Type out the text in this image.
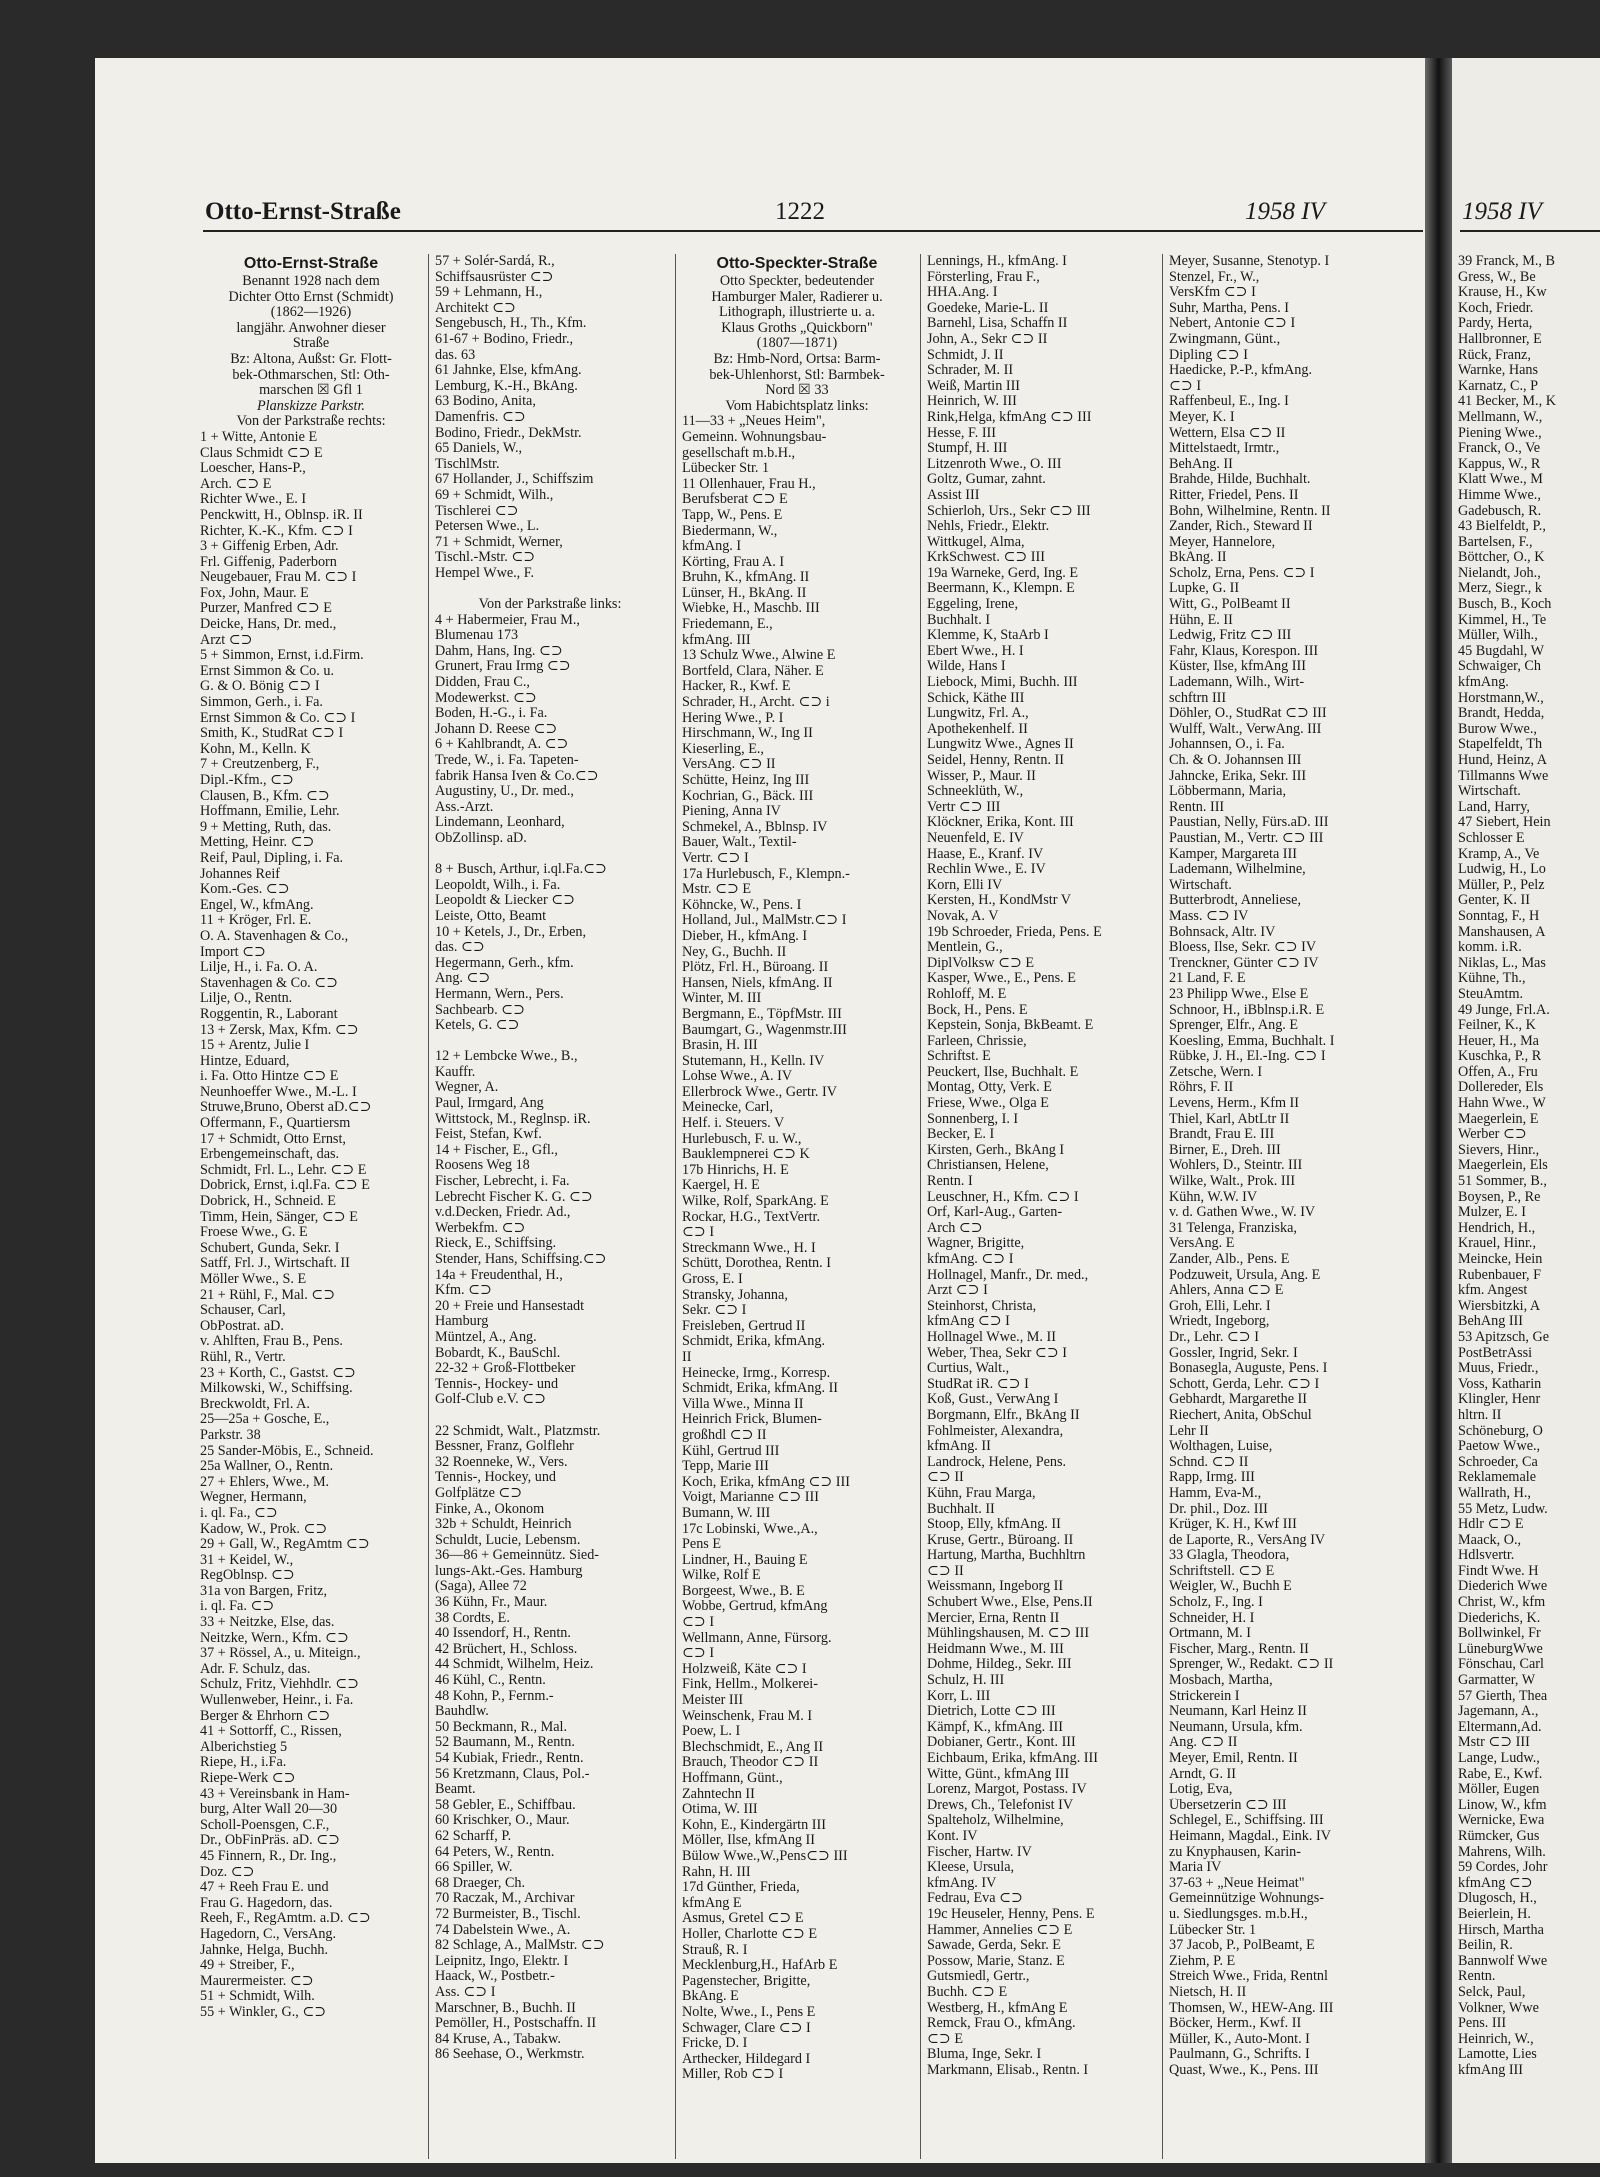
Otto-Ernst-Straße	1222	1958 IV
Otto-Ernst-Straße
Benannt 1928 nach dem
Dichter Otto Ernst (Schmidt)
(1862—1926)
langjähr. Anwohner dieser
Straße
Bz: Altona, Außst: Gr. Flott-
bek-Othmarschen, Stl: Oth-
marschen ☒ Gfl 1
Planskizze Parkstr.
Von der Parkstraße rechts:
1 + Witte, Antonie E
Claus Schmidt ⊂⊃ E
Loescher, Hans-P.,
Arch. ⊂⊃ E
Richter Wwe., E. I
Penckwitt, H., Oblnsp. iR. II
Richter, K.-K., Kfm. ⊂⊃ I
3 + Giffenig Erben, Adr.
Frl. Giffenig, Paderborn
Neugebauer, Frau M. ⊂⊃ I
Fox, John, Maur. E
Purzer, Manfred ⊂⊃ E
Deicke, Hans, Dr. med.,
Arzt ⊂⊃
5 + Simmon, Ernst, i.d.Firm.
Ernst Simmon & Co. u.
G. & O. Bönig ⊂⊃ I
Simmon, Gerh., i. Fa.
Ernst Simmon & Co. ⊂⊃ I
Smith, K., StudRat ⊂⊃ I
Kohn, M., Kelln. K
7 + Creutzenberg, F.,
Dipl.-Kfm., ⊂⊃
Clausen, B., Kfm. ⊂⊃
Hoffmann, Emilie, Lehr.
9 + Metting, Ruth, das.
Metting, Heinr. ⊂⊃
Reif, Paul, Dipling, i. Fa.
Johannes Reif
Kom.-Ges. ⊂⊃
Engel, W., kfmAng.
11 + Kröger, Frl. E.
O. A. Stavenhagen & Co.,
Import ⊂⊃
Lilje, H., i. Fa. O. A.
Stavenhagen & Co. ⊂⊃
Lilje, O., Rentn.
Roggentin, R., Laborant
13 + Zersk, Max, Kfm. ⊂⊃
15 + Arentz, Julie I
Hintze, Eduard,
i. Fa. Otto Hintze ⊂⊃ E
Neunhoeffer Wwe., M.-L. I
Struwe,Bruno, Oberst aD.⊂⊃
Offermann, F., Quartiersm
17 + Schmidt, Otto Ernst,
Erbengemeinschaft, das.
Schmidt, Frl. L., Lehr. ⊂⊃ E
Dobrick, Ernst, i.ql.Fa. ⊂⊃ E
Dobrick, H., Schneid. E
Timm, Hein, Sänger, ⊂⊃ E
Froese Wwe., G. E
Schubert, Gunda, Sekr. I
Satff, Frl. J., Wirtschaft. II
Möller Wwe., S. E
21 + Rühl, F., Mal. ⊂⊃
Schauser, Carl,
ObPostrat. aD.
v. Ahlften, Frau B., Pens.
Rühl, R., Vertr.
23 + Korth, C., Gastst. ⊂⊃
Milkowski, W., Schiffsing.
Breckwoldt, Frl. A.
25—25a + Gosche, E.,
Parkstr. 38
25 Sander-Möbis, E., Schneid.
25a Wallner, O., Rentn.
27 + Ehlers, Wwe., M.
Wegner, Hermann,
i. ql. Fa., ⊂⊃
Kadow, W., Prok. ⊂⊃
29 + Gall, W., RegAmtm ⊂⊃
31 + Keidel, W.,
RegOblnsp. ⊂⊃
31a von Bargen, Fritz,
i. ql. Fa. ⊂⊃
33 + Neitzke, Else, das.
Neitzke, Wern., Kfm. ⊂⊃
37 + Rössel, A., u. Miteign.,
Adr. F. Schulz, das.
Schulz, Fritz, Viehhdlr. ⊂⊃
Wullenweber, Heinr., i. Fa.
Berger & Ehrhorn ⊂⊃
41 + Sottorff, C., Rissen,
Alberichstieg 5
Riepe, H., i.Fa.
Riepe-Werk ⊂⊃
43 + Vereinsbank in Ham-
burg, Alter Wall 20—30
Scholl-Poensgen, C.F.,
Dr., ObFinPräs. aD. ⊂⊃
45 Finnern, R., Dr. Ing.,
Doz. ⊂⊃
47 + Reeh Frau E. und
Frau G. Hagedorn, das.
Reeh, F., RegAmtm. a.D. ⊂⊃
Hagedorn, C., VersAng.
Jahnke, Helga, Buchh.
49 + Streiber, F.,
Maurermeister. ⊂⊃
51 + Schmidt, Wilh.
55 + Winkler, G., ⊂⊃
57 + Solér-Sardá, R.,
Schiffsausrüster ⊂⊃
59 + Lehmann, H.,
Architekt ⊂⊃
Sengebusch, H., Th., Kfm.
61-67 + Bodino, Friedr.,
das. 63
61 Jahnke, Else, kfmAng.
Lemburg, K.-H., BkAng.
63 Bodino, Anita,
Damenfris. ⊂⊃
Bodino, Friedr., DekMstr.
65 Daniels, W.,
TischlMstr.
67 Hollander, J., Schiffszim
69 + Schmidt, Wilh.,
Tischlerei ⊂⊃
Petersen Wwe., L.
71 + Schmidt, Werner,
Tischl.-Mstr. ⊂⊃
Hempel Wwe., F.

Von der Parkstraße links:
4 + Habermeier, Frau M.,
Blumenau 173
Dahm, Hans, Ing. ⊂⊃
Grunert, Frau Irmg ⊂⊃
Didden, Frau C.,
Modewerkst. ⊂⊃
Boden, H.-G., i. Fa.
Johann D. Reese ⊂⊃
6 + Kahlbrandt, A. ⊂⊃
Trede, W., i. Fa. Tapeten-
fabrik Hansa Iven & Co.⊂⊃
Augustiny, U., Dr. med.,
Ass.-Arzt.
Lindemann, Leonhard,
ObZollinsp. aD.

8 + Busch, Arthur, i.ql.Fa.⊂⊃
Leopoldt, Wilh., i. Fa.
Leopoldt & Liecker ⊂⊃
Leiste, Otto, Beamt
10 + Ketels, J., Dr., Erben,
das. ⊂⊃
Hegermann, Gerh., kfm.
Ang. ⊂⊃
Hermann, Wern., Pers.
Sachbearb. ⊂⊃
Ketels, G. ⊂⊃

12 + Lembcke Wwe., B.,
Kauffr.
Wegner, A.
Paul, Irmgard, Ang
Wittstock, M., Reglnsp. iR.
Feist, Stefan, Kwf.
14 + Fischer, E., Gfl.,
Roosens Weg 18
Fischer, Lebrecht, i. Fa.
Lebrecht Fischer K. G. ⊂⊃
v.d.Decken, Friedr. Ad.,
Werbekfm. ⊂⊃
Rieck, E., Schiffsing.
Stender, Hans, Schiffsing.⊂⊃
14a + Freudenthal, H.,
Kfm. ⊂⊃
20 + Freie und Hansestadt
Hamburg
Müntzel, A., Ang.
Bobardt, K., BauSchl.
22-32 + Groß-Flottbeker
Tennis-, Hockey- und
Golf-Club e.V. ⊂⊃

22 Schmidt, Walt., Platzmstr.
Bessner, Franz, Golflehr
32 Roenneke, W., Vers.
Tennis-, Hockey, und
Golfplätze ⊂⊃
Finke, A., Okonom
32b + Schuldt, Heinrich
Schuldt, Lucie, Lebensm.
36—86 + Gemeinnütz. Sied-
lungs-Akt.-Ges. Hamburg
(Saga), Allee 72
36 Kühn, Fr., Maur.
38 Cordts, E.
40 Issendorf, H., Rentn.
42 Brüchert, H., Schloss.
44 Schmidt, Wilhelm, Heiz.
46 Kühl, C., Rentn.
48 Kohn, P., Fernm.-
Bauhdlw.
50 Beckmann, R., Mal.
52 Baumann, M., Rentn.
54 Kubiak, Friedr., Rentn.
56 Kretzmann, Claus, Pol.-
Beamt.
58 Gebler, E., Schiffbau.
60 Krischker, O., Maur.
62 Scharff, P.
64 Peters, W., Rentn.
66 Spiller, W.
68 Draeger, Ch.
70 Raczak, M., Archivar
72 Burmeister, B., Tischl.
74 Dabelstein Wwe., A.
82 Schlage, A., MalMstr. ⊂⊃
Leipnitz, Ingo, Elektr. I
Haack, W., Postbetr.-
Ass. ⊂⊃ I
Marschner, B., Buchh. II
Pemöller, H., Postschaffn. II
84 Kruse, A., Tabakw.
86 Seehase, O., Werkmstr.
Otto-Speckter-Straße
Otto Speckter, bedeutender
Hamburger Maler, Radierer u.
Lithograph, illustrierte u. a.
Klaus Groths „Quickborn"
(1807—1871)
Bz: Hmb-Nord, Ortsa: Barm-
bek-Uhlenhorst, Stl: Barmbek-
Nord ☒ 33
Vom Habichtsplatz links:
11—33 + „Neues Heim",
Gemeinn. Wohnungsbau-
gesellschaft m.b.H.,
Lübecker Str. 1
11 Ollenhauer, Frau H.,
Berufsberat ⊂⊃ E
Tapp, W., Pens. E
Biedermann, W.,
kfmAng. I
Körting, Frau A. I
Bruhn, K., kfmAng. II
Lünser, H., BkAng. II
Wiebke, H., Maschb. III
Friedemann, E.,
kfmAng. III
13 Schulz Wwe., Alwine E
Bortfeld, Clara, Näher. E
Hacker, R., Kwf. E
Schrader, H., Archt. ⊂⊃ i
Hering Wwe., P. I
Hirschmann, W., Ing II
Kieserling, E.,
VersAng. ⊂⊃ II
Schütte, Heinz, Ing III
Kochrian, G., Bäck. III
Piening, Anna IV
Schmekel, A., Bblnsp. IV
Bauer, Walt., Textil-
Vertr. ⊂⊃ I
17a Hurlebusch, F., Klempn.-
Mstr. ⊂⊃ E
Köhncke, W., Pens. I
Holland, Jul., MalMstr.⊂⊃ I
Dieber, H., kfmAng. I
Ney, G., Buchh. II
Plötz, Frl. H., Büroang. II
Hansen, Niels, kfmAng. II
Winter, M. III
Bergmann, E., TöpfMstr. III
Baumgart, G., Wagenmstr.III
Brasin, H. III
Stutemann, H., Kelln. IV
Lohse Wwe., A. IV
Ellerbrock Wwe., Gertr. IV
Meinecke, Carl,
Helf. i. Steuers. V
Hurlebusch, F. u. W.,
Bauklempnerei ⊂⊃ K
17b Hinrichs, H. E
Kaergel, H. E
Wilke, Rolf, SparkAng. E
Rockar, H.G., TextVertr.
⊂⊃ I
Streckmann Wwe., H. I
Schütt, Dorothea, Rentn. I
Gross, E. I
Stransky, Johanna,
Sekr. ⊂⊃ I
Freisleben, Gertrud II
Schmidt, Erika, kfmAng.
II
Heinecke, Irmg., Korresp.
Schmidt, Erika, kfmAng. II
Villa Wwe., Minna II
Heinrich Frick, Blumen-
großhdl ⊂⊃ II
Kühl, Gertrud III
Tepp, Marie III
Koch, Erika, kfmAng ⊂⊃ III
Voigt, Marianne ⊂⊃ III
Bumann, W. III
17c Lobinski, Wwe.,A.,
Pens E
Lindner, H., Bauing E
Wilke, Rolf E
Borgeest, Wwe., B. E
Wobbe, Gertrud, kfmAng
⊂⊃ I
Wellmann, Anne, Fürsorg.
⊂⊃ I
Holzweiß, Käte ⊂⊃ I
Fink, Hellm., Molkerei-
Meister III
Weinschenk, Frau M. I
Poew, L. I
Blechschmidt, E., Ang II
Brauch, Theodor ⊂⊃ II
Hoffmann, Günt.,
Zahntechn II
Otima, W. III
Kohn, E., Kindergärtn III
Möller, Ilse, kfmAng II
Bülow Wwe.,W.,Pens⊂⊃ III
Rahn, H. III
17d Günther, Frieda,
kfmAng E
Asmus, Gretel ⊂⊃ E
Holler, Charlotte ⊂⊃ E
Strauß, R. I
Mecklenburg,H., HafArb E
Pagenstecher, Brigitte,
BkAng. E
Nolte, Wwe., I., Pens E
Schwager, Clare ⊂⊃ I
Fricke, D. I
Arthecker, Hildegard I
Miller, Rob ⊂⊃ I
Lennings, H., kfmAng. I
Försterling, Frau F.,
HHA.Ang. I
Goedeke, Marie-L. II
Barnehl, Lisa, Schaffn II
John, A., Sekr ⊂⊃ II
Schmidt, J. II
Schrader, M. II
Weiß, Martin III
Heinrich, W. III
Rink,Helga, kfmAng ⊂⊃ III
Hesse, F. III
Stumpf, H. III
Litzenroth Wwe., O. III
Goltz, Gumar, zahnt.
Assist III
Schierloh, Urs., Sekr ⊂⊃ III
Nehls, Friedr., Elektr.
Wittkugel, Alma,
KrkSchwest. ⊂⊃ III
19a Warneke, Gerd, Ing. E
Beermann, K., Klempn. E
Eggeling, Irene,
Buchhalt. I
Klemme, K, StaArb I
Ebert Wwe., H. I
Wilde, Hans I
Liebock, Mimi, Buchh. III
Schick, Käthe III
Lungwitz, Frl. A.,
Apothekenhelf. II
Lungwitz Wwe., Agnes II
Seidel, Henny, Rentn. II
Wisser, P., Maur. II
Schneeklüth, W.,
Vertr ⊂⊃ III
Klöckner, Erika, Kont. III
Neuenfeld, E. IV
Haase, E., Kranf. IV
Rechlin Wwe., E. IV
Korn, Elli IV
Kersten, H., KondMstr V
Novak, A. V
19b Schroeder, Frieda, Pens. E
Mentlein, G.,
DiplVolksw ⊂⊃ E
Kasper, Wwe., E., Pens. E
Rohloff, M. E
Bock, H., Pens. E
Kepstein, Sonja, BkBeamt. E
Farleen, Chrissie,
Schriftst. E
Peuckert, Ilse, Buchhalt. E
Montag, Otty, Verk. E
Friese, Wwe., Olga E
Sonnenberg, I. I
Becker, E. I
Kirsten, Gerh., BkAng I
Christiansen, Helene,
Rentn. I
Leuschner, H., Kfm. ⊂⊃ I
Orf, Karl-Aug., Garten-
Arch ⊂⊃
Wagner, Brigitte,
kfmAng. ⊂⊃ I
Hollnagel, Manfr., Dr. med.,
Arzt ⊂⊃ I
Steinhorst, Christa,
kfmAng ⊂⊃ I
Hollnagel Wwe., M. II
Weber, Thea, Sekr ⊂⊃ I
Curtius, Walt.,
StudRat iR. ⊂⊃ I
Koß, Gust., VerwAng I
Borgmann, Elfr., BkAng II
Fohlmeister, Alexandra,
kfmAng. II
Landrock, Helene, Pens.
⊂⊃ II
Kühn, Frau Marga,
Buchhalt. II
Stoop, Elly, kfmAng. II
Kruse, Gertr., Büroang. II
Hartung, Martha, Buchhltrn
⊂⊃ II
Weissmann, Ingeborg II
Schubert Wwe., Else, Pens.II
Mercier, Erna, Rentn II
Mühlingshausen, M. ⊂⊃ III
Heidmann Wwe., M. III
Dohme, Hildeg., Sekr. III
Schulz, H. III
Korr, L. III
Dietrich, Lotte ⊂⊃ III
Kämpf, K., kfmAng. III
Dobianer, Gertr., Kont. III
Eichbaum, Erika, kfmAng. III
Witte, Günt., kfmAng III
Lorenz, Margot, Postass. IV
Drews, Ch., Telefonist IV
Spalteholz, Wilhelmine,
Kont. IV
Fischer, Hartw. IV
Kleese, Ursula,
kfmAng. IV
Fedrau, Eva ⊂⊃
19c Heuseler, Henny, Pens. E
Hammer, Annelies ⊂⊃ E
Sawade, Gerda, Sekr. E
Possow, Marie, Stanz. E
Gutsmiedl, Gertr.,
Buchh. ⊂⊃ E
Westberg, H., kfmAng E
Remck, Frau O., kfmAng.
⊂⊃ E
Bluma, Inge, Sekr. I
Markmann, Elisab., Rentn. I
Meyer, Susanne, Stenotyp. I
Stenzel, Fr., W.,
VersKfm ⊂⊃ I
Suhr, Martha, Pens. I
Nebert, Antonie ⊂⊃ I
Zwingmann, Günt.,
Dipling ⊂⊃ I
Haedicke, P.-P., kfmAng.
⊂⊃ I
Raffenbeul, E., Ing. I
Meyer, K. I
Wettern, Elsa ⊂⊃ II
Mittelstaedt, Irmtr.,
BehAng. II
Brahde, Hilde, Buchhalt.
Ritter, Friedel, Pens. II
Bohn, Wilhelmine, Rentn. II
Zander, Rich., Steward II
Meyer, Hannelore,
BkAng. II
Scholz, Erna, Pens. ⊂⊃ I
Lupke, G. II
Witt, G., PolBeamt II
Hühn, E. II
Ledwig, Fritz ⊂⊃ III
Fahr, Klaus, Korespon. III
Küster, Ilse, kfmAng III
Lademann, Wilh., Wirt-
schftrn III
Döhler, O., StudRat ⊂⊃ III
Wulff, Walt., VerwAng. III
Johannsen, O., i. Fa.
Ch. & O. Johannsen III
Jahncke, Erika, Sekr. III
Löbbermann, Maria,
Rentn. III
Paustian, Nelly, Fürs.aD. III
Paustian, M., Vertr. ⊂⊃ III
Kamper, Margareta III
Lademann, Wilhelmine,
Wirtschaft.
Butterbrodt, Anneliese,
Mass. ⊂⊃ IV
Bohnsack, Altr. IV
Bloess, Ilse, Sekr. ⊂⊃ IV
Trenckner, Günter ⊂⊃ IV
21 Land, F. E
23 Philipp Wwe., Else E
Schnoor, H., iBblnsp.i.R. E
Sprenger, Elfr., Ang. E
Koesling, Emma, Buchhalt. I
Rübke, J. H., El.-Ing. ⊂⊃ I
Zetsche, Wern. I
Röhrs, F. II
Levens, Herm., Kfm II
Thiel, Karl, AbtLtr II
Brandt, Frau E. III
Birner, E., Dreh. III
Wohlers, D., Steintr. III
Wilke, Walt., Prok. III
Kühn, W.W. IV
v. d. Gathen Wwe., W. IV
31 Telenga, Franziska,
VersAng. E
Zander, Alb., Pens. E
Podzuweit, Ursula, Ang. E
Ahlers, Anna ⊂⊃ E
Groh, Elli, Lehr. I
Wriedt, Ingeborg,
Dr., Lehr. ⊂⊃ I
Gossler, Ingrid, Sekr. I
Bonasegla, Auguste, Pens. I
Schott, Gerda, Lehr. ⊂⊃ I
Gebhardt, Margarethe II
Riechert, Anita, ObSchul
Lehr II
Wolthagen, Luise,
Schnd. ⊂⊃ II
Rapp, Irmg. III
Hamm, Eva-M.,
Dr. phil., Doz. III
Krüger, K. H., Kwf III
de Laporte, R., VersAng IV
33 Glagla, Theodora,
Schriftstell. ⊂⊃ E
Weigler, W., Buchh E
Scholz, F., Ing. I
Schneider, H. I
Ortmann, M. I
Fischer, Marg., Rentn. II
Sprenger, W., Redakt. ⊂⊃ II
Mosbach, Martha,
Strickerein I
Neumann, Karl Heinz II
Neumann, Ursula, kfm.
Ang. ⊂⊃ II
Meyer, Emil, Rentn. II
Arndt, G. II
Lotig, Eva,
Übersetzerin ⊂⊃ III
Schlegel, E., Schiffsing. III
Heimann, Magdal., Eink. IV
zu Knyphausen, Karin-
Maria IV
37-63 + „Neue Heimat"
Gemeinnützige Wohnungs-
u. Siedlungsges. m.b.H.,
Lübecker Str. 1
37 Jacob, P., PolBeamt, E
Ziehm, P. E
Streich Wwe., Frida, Rentnl
Nietsch, H. II
Thomsen, W., HEW-Ang. III
Böcker, Herm., Kwf. II
Müller, K., Auto-Mont. I
Paulmann, G., Schrifts. I
Quast, Wwe., K., Pens. III
1958 IV
39 Franck, M., B
Gress, W., Be
Krause, H., Kw
Koch, Friedr.
Pardy, Herta,
Hallbronner, E
Rück, Franz,
Warnke, Hans
Karnatz, C., P
41 Becker, M., K
Mellmann, W.,
Piening Wwe.,
Franck, O., Ve
Kappus, W., R
Klatt Wwe., M
Himme Wwe.,
Gadebusch, R.
43 Bielfeldt, P.,
Bartelsen, F.,
Böttcher, O., K
Nielandt, Joh.,
Merz, Siegr., k
Busch, B., Koch
Kimmel, H., Te
Müller, Wilh.,
45 Bugdahl, W
Schwaiger, Ch
kfmAng.
Horstmann,W.,
Brandt, Hedda,
Burow Wwe.,
Stapelfeldt, Th
Hund, Heinz, A
Tillmanns Wwe
Wirtschaft.
Land, Harry,
47 Siebert, Hein
Schlosser E
Kramp, A., Ve
Ludwig, H., Lo
Müller, P., Pelz
Genter, K. II
Sonntag, F., H
Manshausen, A
komm. i.R.
Niklas, L., Mas
Kühne, Th.,
SteuAmtm.
49 Junge, Frl.A.
Feilner, K., K
Heuer, H., Ma
Kuschka, P., R
Offen, A., Fru
Dollereder, Els
Hahn Wwe., W
Maegerlein, E
Werber ⊂⊃
Sievers, Hinr.,
Maegerlein, Els
51 Sommer, B.,
Boysen, P., Re
Mulzer, E. I
Hendrich, H.,
Krauel, Hinr.,
Meincke, Hein
Rubenbauer, F
kfm. Angest
Wiersbitzki, A
BehAng III
53 Apitzsch, Ge
PostBetrAssi
Muus, Friedr.,
Voss, Katharin
Klingler, Henr
hltrn. II
Schöneburg, O
Paetow Wwe.,
Schroeder, Ca
Reklamemale
Wallrath, H.,
55 Metz, Ludw.
Hdlr ⊂⊃ E
Maack, O.,
Hdlsvertr.
Findt Wwe. H
Diederich Wwe
Christ, W., kfm
Diederichs, K.
Bollwinkel, Fr
LüneburgWwe
Fönschau, Carl
Garmatter, W
57 Gierth, Thea
Jagemann, A.,
Eltermann,Ad.
Mstr ⊂⊃ III
Lange, Ludw.,
Rabe, E., Kwf.
Möller, Eugen
Linow, W., kfm
Wernicke, Ewa
Rümcker, Gus
Mahrens, Wilh.
59 Cordes, Johr
kfmAng ⊂⊃
Dlugosch, H.,
Beierlein, H.
Hirsch, Martha
Beilin, R.
Bannwolf Wwe
Rentn.
Selck, Paul,
Volkner, Wwe
Pens. III
Heinrich, W.,
Lamotte, Lies
kfmAng III
